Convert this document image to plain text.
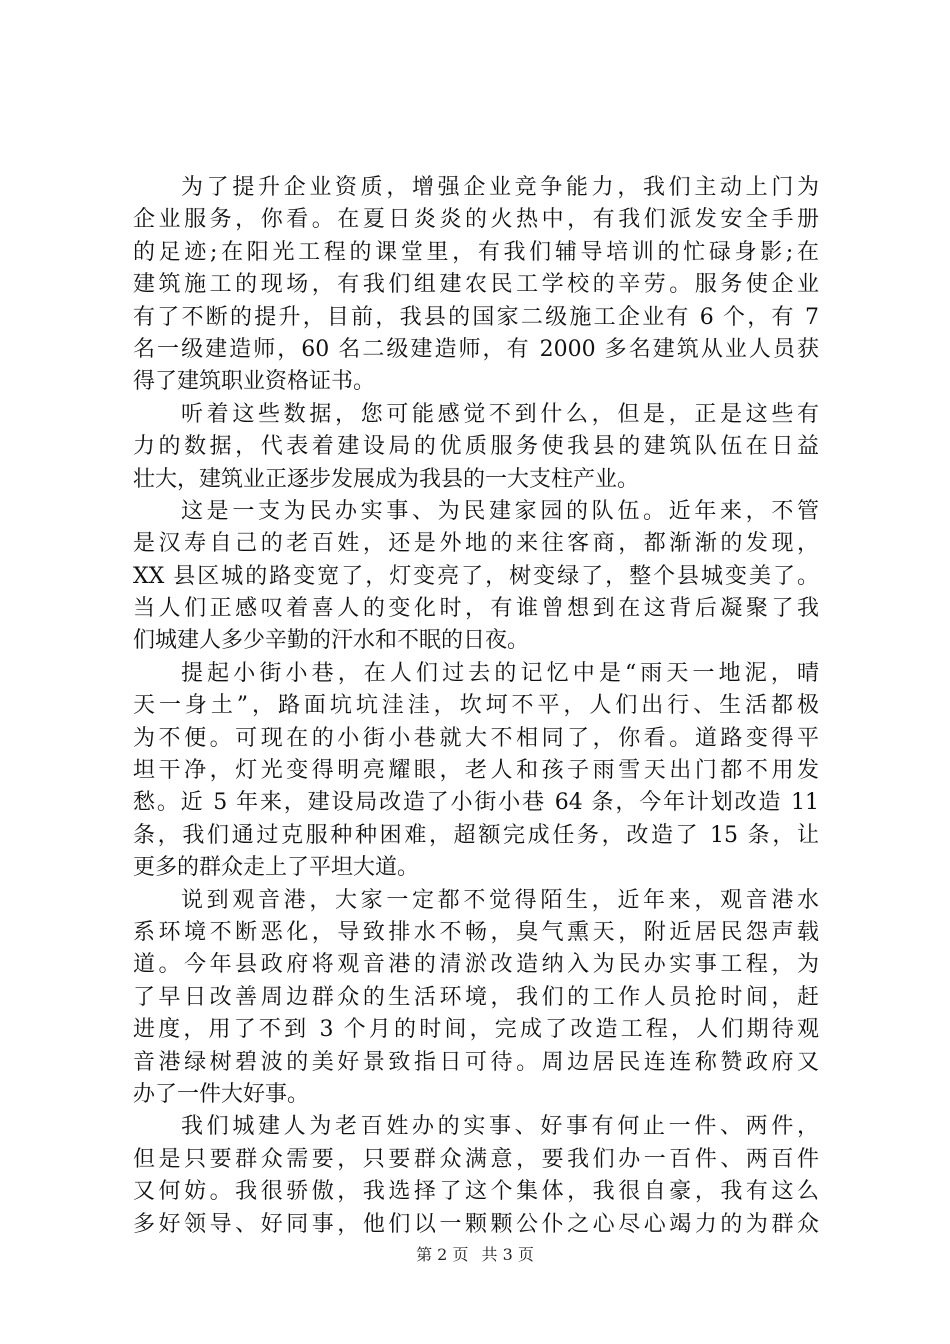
为了提升企业资质，增强企业竞争能力，我们主动上门为
企业服务，你看。在夏日炎炎的火热中，有我们派发安全手册
的足迹;在阳光工程的课堂里，有我们辅导培训的忙碌身影;在
建筑施工的现场，有我们组建农民工学校的辛劳。服务使企业
有了不断的提升，目前，我县的国家二级施工企业有 6 个，有 7
名一级建造师，60 名二级建造师，有 2000 多名建筑从业人员获
得了建筑职业资格证书。
听着这些数据，您可能感觉不到什么，但是，正是这些有
力的数据，代表着建设局的优质服务使我县的建筑队伍在日益
壮大，建筑业正逐步发展成为我县的一大支柱产业。
这是一支为民办实事、为民建家园的队伍。近年来，不管
是汉寿自己的老百姓，还是外地的来往客商，都渐渐的发现，
XX 县区城的路变宽了，灯变亮了，树变绿了，整个县城变美了。
当人们正感叹着喜人的变化时，有谁曾想到在这背后凝聚了我
们城建人多少辛勤的汗水和不眠的日夜。
提起小街小巷，在人们过去的记忆中是“雨天一地泥，晴
天一身土”，路面坑坑洼洼，坎坷不平，人们出行、生活都极
为不便。可现在的小街小巷就大不相同了，你看。道路变得平
坦干净，灯光变得明亮耀眼，老人和孩子雨雪天出门都不用发
愁。近 5 年来，建设局改造了小街小巷 64 条，今年计划改造 11
条，我们通过克服种种困难，超额完成任务，改造了 15 条，让
更多的群众走上了平坦大道。
说到观音港，大家一定都不觉得陌生，近年来，观音港水
系环境不断恶化，导致排水不畅，臭气熏天，附近居民怨声载
道。今年县政府将观音港的清淤改造纳入为民办实事工程，为
了早日改善周边群众的生活环境，我们的工作人员抢时间，赶
进度，用了不到 3 个月的时间，完成了改造工程，人们期待观
音港绿树碧波的美好景致指日可待。周边居民连连称赞政府又
办了一件大好事。
我们城建人为老百姓办的实事、好事有何止一件、两件，
但是只要群众需要，只要群众满意，要我们办一百件、两百件
又何妨。我很骄傲，我选择了这个集体，我很自豪，我有这么
多好领导、好同事，他们以一颗颗公仆之心尽心竭力的为群众
第 2 页 共 3 页
